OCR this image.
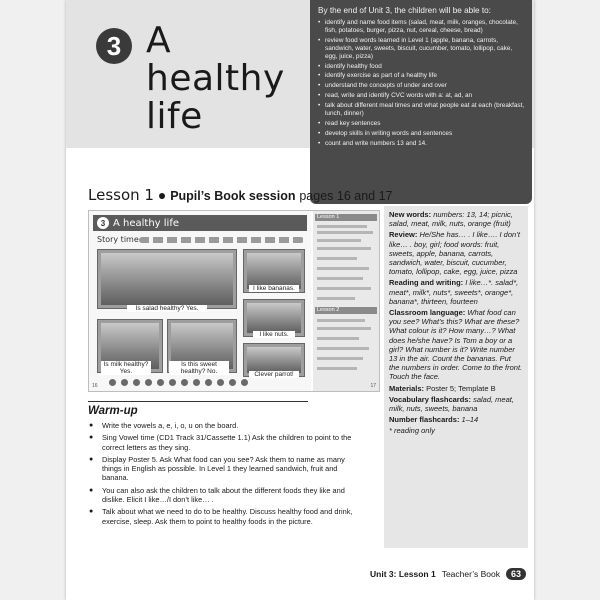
3 A healthy life
By the end of Unit 3, the children will be able to:
• identify and name food items (salad, meat, milk, oranges, chocolate, fish, potatoes, burger, pizza, nut, cereal, cheese, bread)
• review food words learned in Level 1 (apple, banana, carrots, sandwich, water, sweets, biscuit, cucumber, tomato, lollipop, cake, egg, juice, pizza)
• identify healthy food
• identify exercise as part of a healthy life
• understand the concepts of under and over
• read, write and identify CVC words with a: at, ad, an
• talk about different meal times and what people eat at each (breakfast, lunch, dinner)
• read key sentences
• develop skills in writing words and sentences
• count and write numbers 13 and 14.
Lesson 1 ● Pupil’s Book session pages 16 and 17
3 A healthy life
Story time
Is salad healthy? Yes.
I like bananas.
I like nuts.
Is milk healthy? Yes.
Is this sweet healthy? No.	Clever parrot!
16
Lesson 1
Lesson 2
17

New words: numbers: 13, 14; picnic, salad, meat, milk, nuts, orange (fruit)

Review: He/She has… . I like…. I don’t like… . boy, girl; food words: fruit, sweets, apple, banana, carrots, sandwich, water, biscuit, cucumber, tomato, lollipop, cake, egg, juice, pizza

Reading and writing: I like…*. salad*, meat*, milk*, nuts*, sweets*, orange*, banana*, thirteen, fourteen

Classroom language: What food can you see? What’s this? What are these? What colour is it? How many…? What does he/she have? Is Tom a boy or a girl? What number is it? Write number 13 in the air. Count the bananas. Put the numbers in order. Come to the front. Touch the face.

Materials: Poster 5; Template B

Vocabulary flashcards: salad, meat, milk, nuts, sweets, banana

Number flashcards: 1–14

* reading only

Warm-up
● Write the vowels a, e, i, o, u on the board.
● Sing Vowel time (CD1 Track 31/Cassette 1.1) Ask the children to point to the correct letters as they sing.
● Display Poster 5. Ask What food can you see? Ask them to name as many things in English as possible. In Level 1 they learned sandwich, fruit and banana.
● You can also ask the children to talk about the different foods they like and dislike. Elicit I like…/I don’t like… .
● Talk about what we need to do to be healthy. Discuss healthy food and drink, exercise, sleep. Ask them to point to healthy foods in the picture.
Unit 3: Lesson 1 Teacher’s Book	63
